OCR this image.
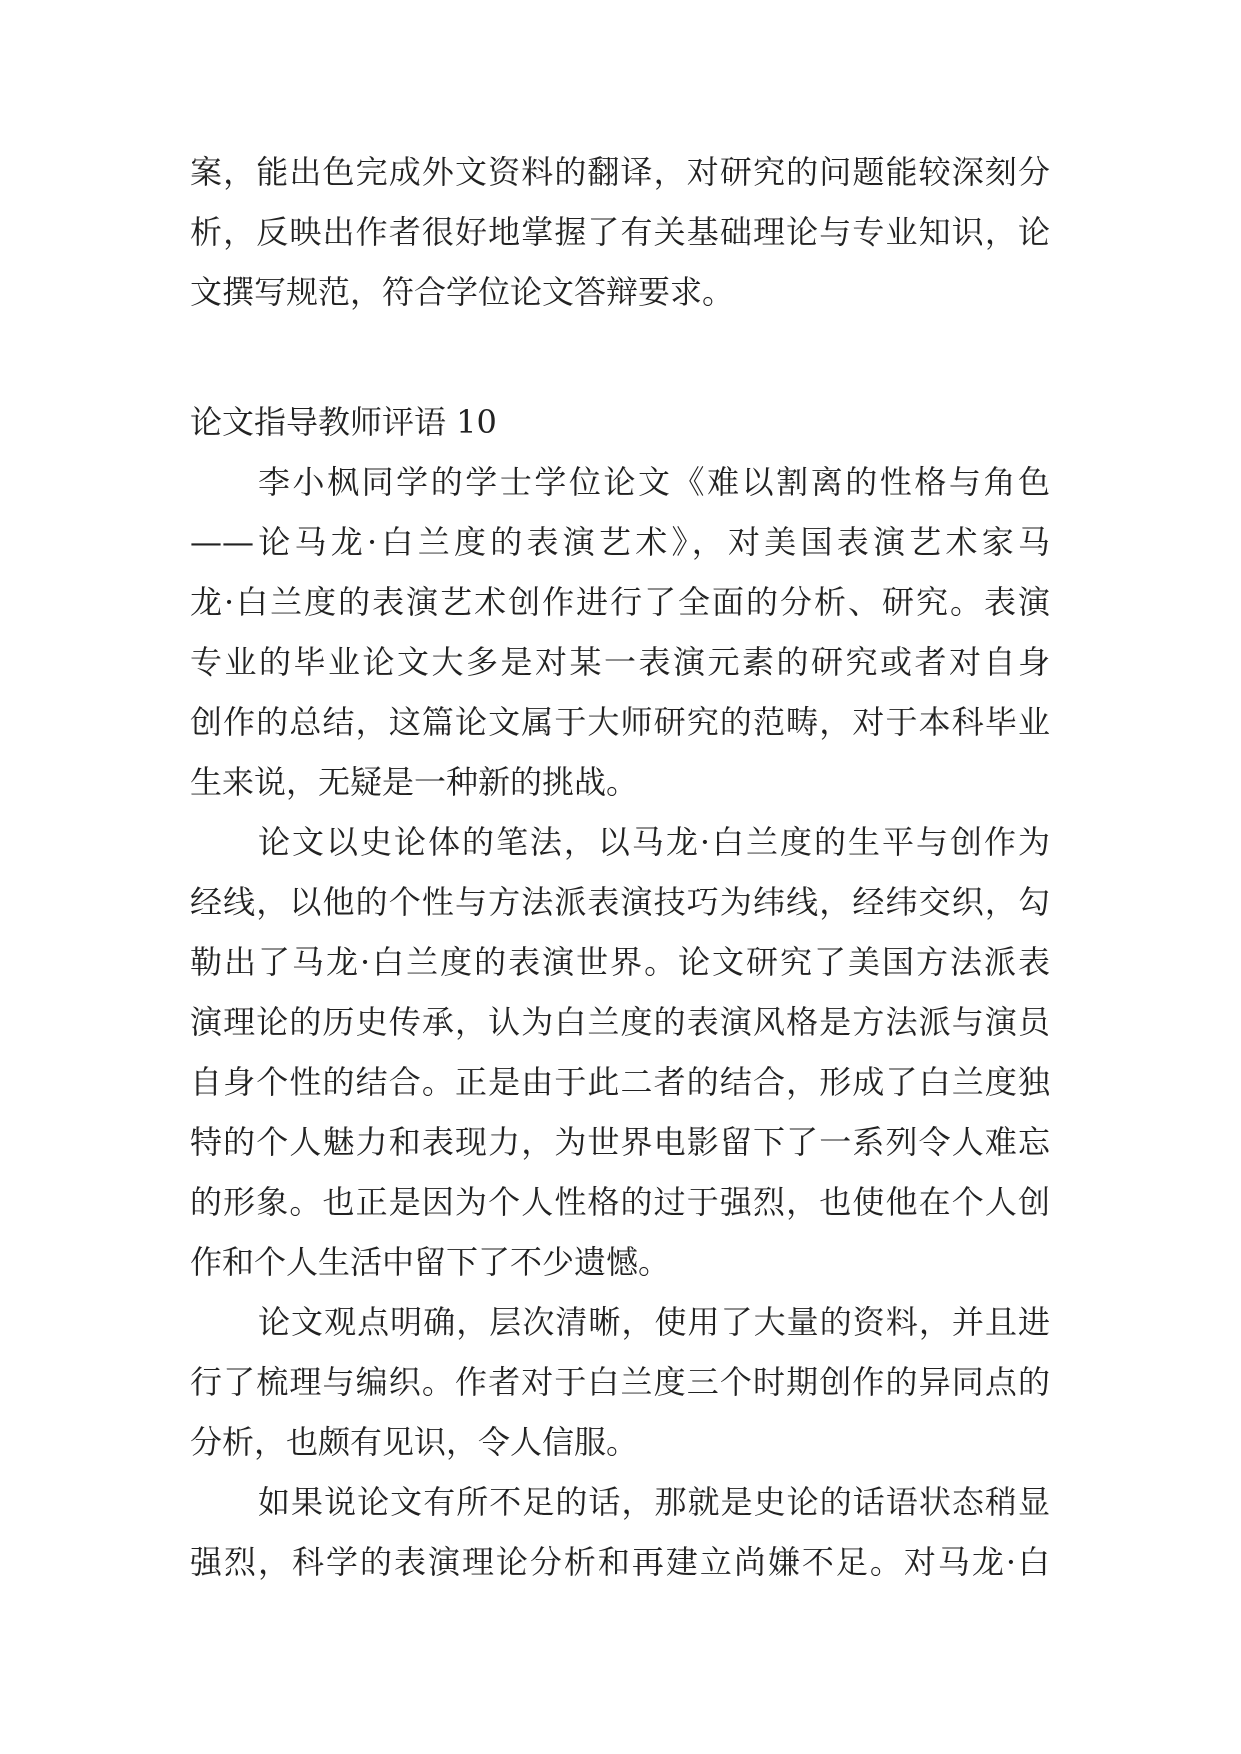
案，能出色完成外文资料的翻译，对研究的问题能较深刻分
析，反映出作者很好地掌握了有关基础理论与专业知识，论
文撰写规范，符合学位论文答辩要求。
论文指导教师评语 10
李小枫同学的学士学位论文《难以割离的性格与角色
——论马龙·白兰度的表演艺术》，对美国表演艺术家马
龙·白兰度的表演艺术创作进行了全面的分析、研究。表演
专业的毕业论文大多是对某一表演元素的研究或者对自身
创作的总结，这篇论文属于大师研究的范畴，对于本科毕业
生来说，无疑是一种新的挑战。
论文以史论体的笔法，以马龙·白兰度的生平与创作为
经线，以他的个性与方法派表演技巧为纬线，经纬交织，勾
勒出了马龙·白兰度的表演世界。论文研究了美国方法派表
演理论的历史传承，认为白兰度的表演风格是方法派与演员
自身个性的结合。正是由于此二者的结合，形成了白兰度独
特的个人魅力和表现力，为世界电影留下了一系列令人难忘
的形象。也正是因为个人性格的过于强烈，也使他在个人创
作和个人生活中留下了不少遗憾。
论文观点明确，层次清晰，使用了大量的资料，并且进
行了梳理与编织。作者对于白兰度三个时期创作的异同点的
分析，也颇有见识，令人信服。
如果说论文有所不足的话，那就是史论的话语状态稍显
强烈，科学的表演理论分析和再建立尚嫌不足。对马龙·白
